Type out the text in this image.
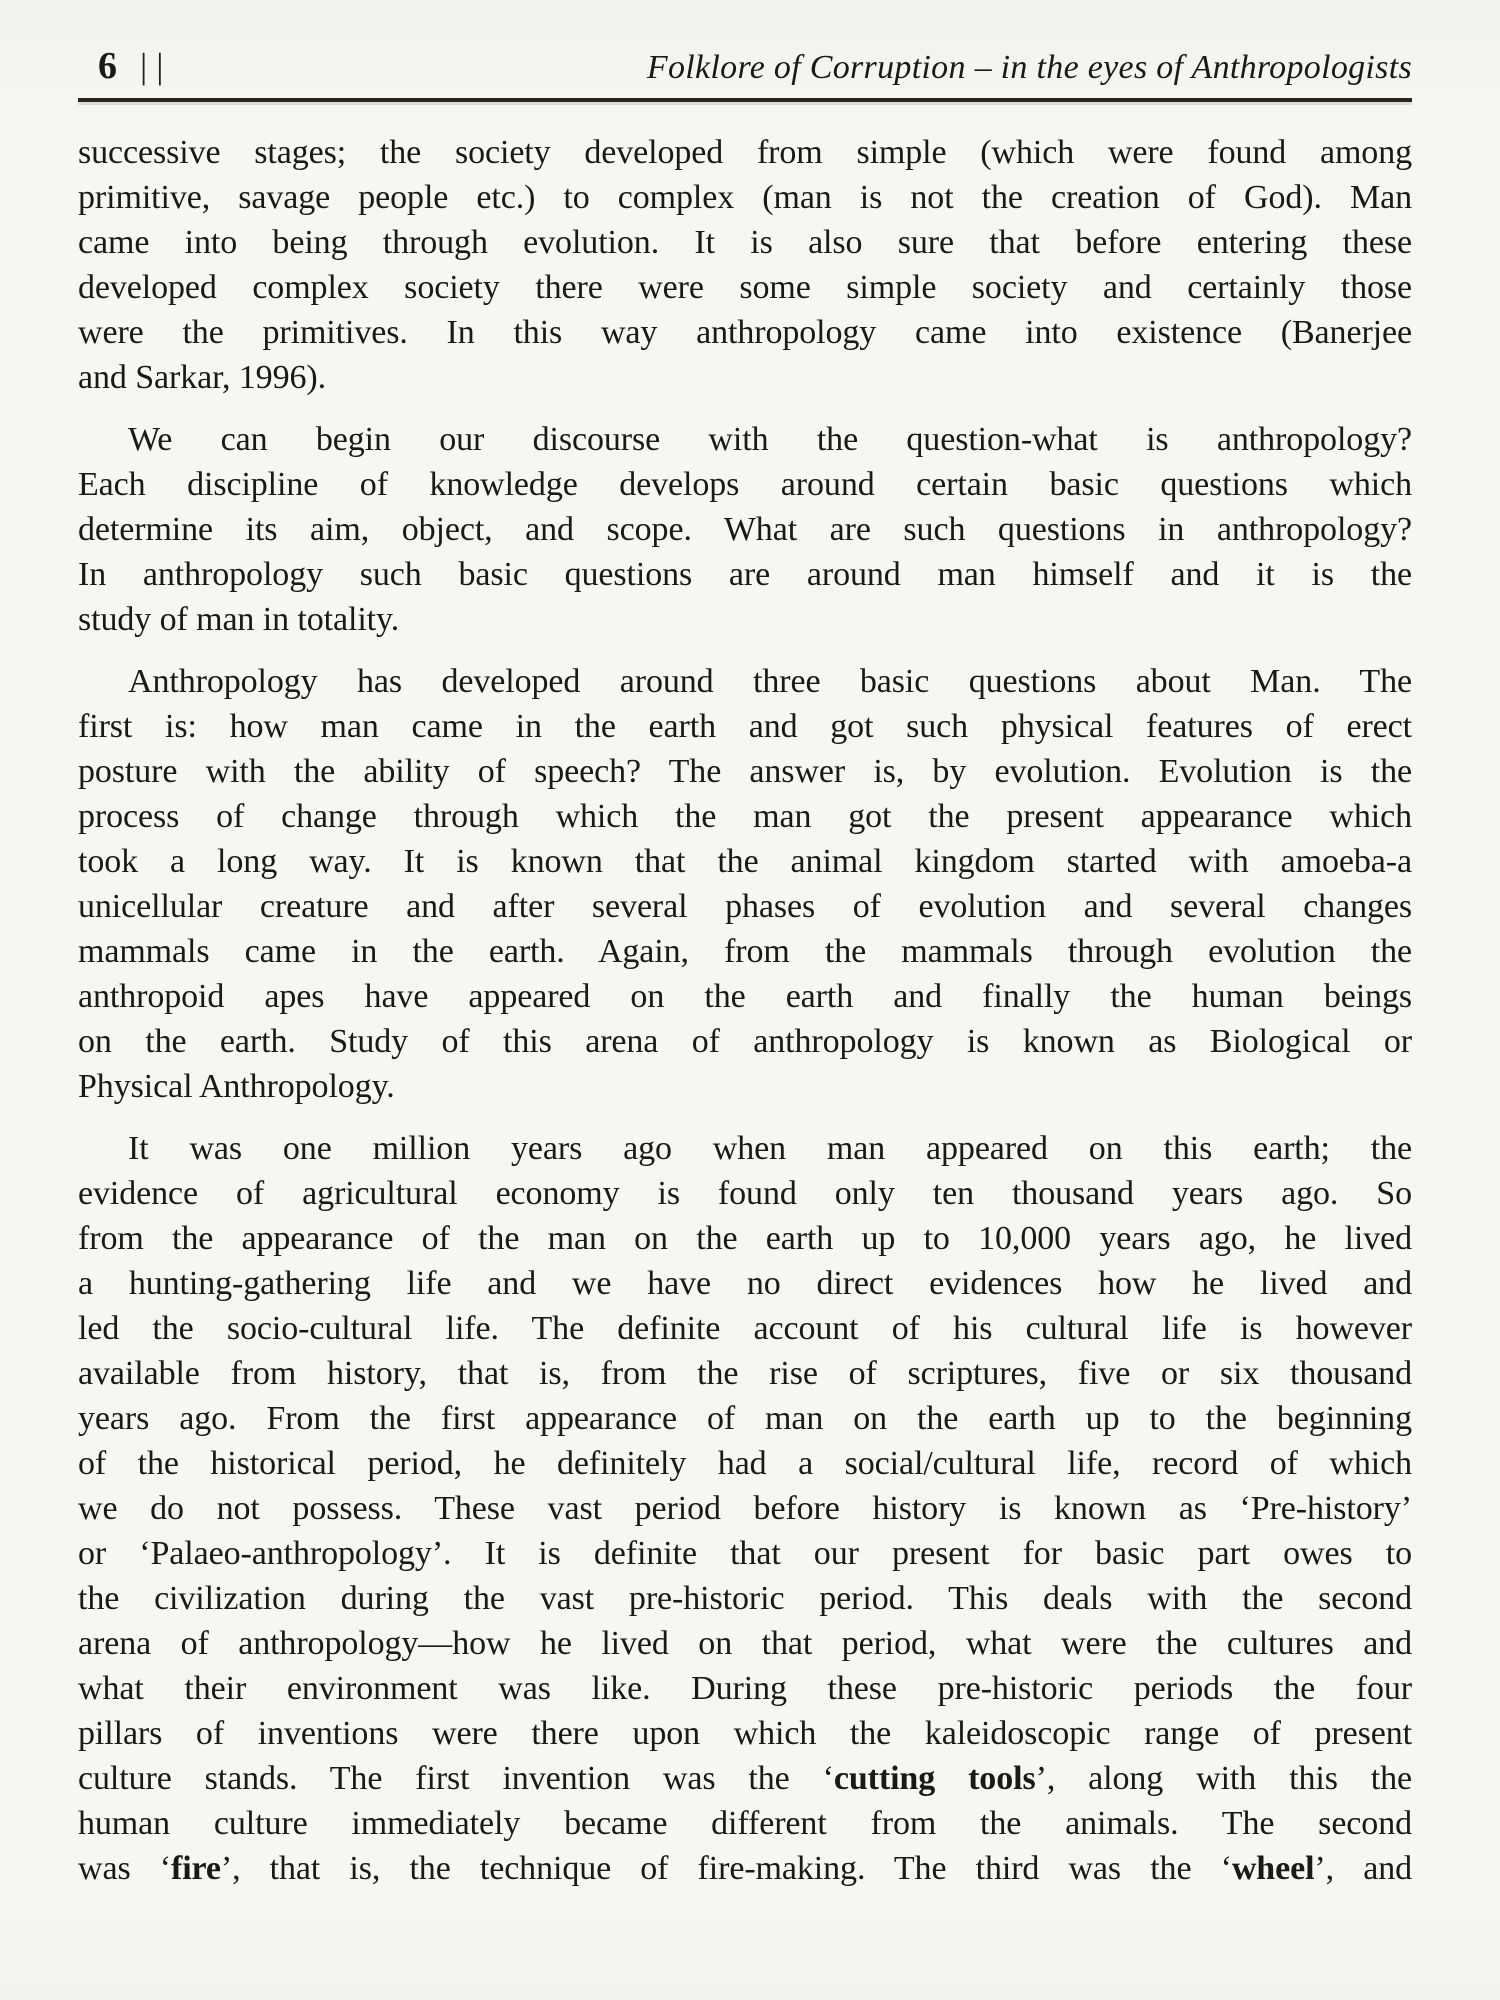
6 ||	Folklore of Corruption – in the eyes of Anthropologists
successive stages; the society developed from simple (which were found among
primitive, savage people etc.) to complex (man is not the creation of God). Man
came into being through evolution. It is also sure that before entering these
developed complex society there were some simple society and certainly those
were the primitives. In this way anthropology came into existence (Banerjee
and Sarkar, 1996).
We can begin our discourse with the question-what is anthropology?
Each discipline of knowledge develops around certain basic questions which
determine its aim, object, and scope. What are such questions in anthropology?
In anthropology such basic questions are around man himself and it is the
study of man in totality.
Anthropology has developed around three basic questions about Man. The
first is: how man came in the earth and got such physical features of erect
posture with the ability of speech? The answer is, by evolution. Evolution is the
process of change through which the man got the present appearance which
took a long way. It is known that the animal kingdom started with amoeba-a
unicellular creature and after several phases of evolution and several changes
mammals came in the earth. Again, from the mammals through evolution the
anthropoid apes have appeared on the earth and finally the human beings
on the earth. Study of this arena of anthropology is known as Biological or
Physical Anthropology.
It was one million years ago when man appeared on this earth; the
evidence of agricultural economy is found only ten thousand years ago. So
from the appearance of the man on the earth up to 10,000 years ago, he lived
a hunting-gathering life and we have no direct evidences how he lived and
led the socio-cultural life. The definite account of his cultural life is however
available from history, that is, from the rise of scriptures, five or six thousand
years ago. From the first appearance of man on the earth up to the beginning
of the historical period, he definitely had a social/cultural life, record of which
we do not possess. These vast period before history is known as ‘Pre-history’
or ‘Palaeo-anthropology’. It is definite that our present for basic part owes to
the civilization during the vast pre-historic period. This deals with the second
arena of anthropology—how he lived on that period, what were the cultures and
what their environment was like. During these pre-historic periods the four
pillars of inventions were there upon which the kaleidoscopic range of present
culture stands. The first invention was the ‘cutting tools’, along with this the
human culture immediately became different from the animals. The second
was ‘fire’, that is, the technique of fire-making. The third was the ‘wheel’, and
